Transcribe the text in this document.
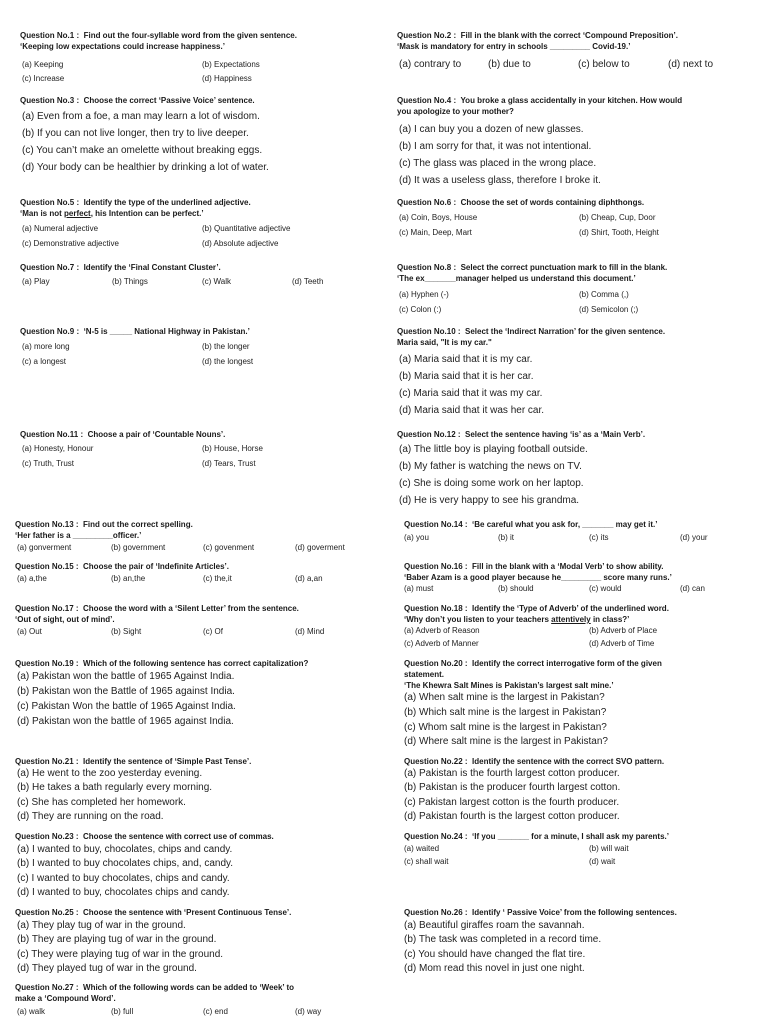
Question No.1 : Find out the four-syllable word from the given sentence.
‘Keeping low expectations could increase happiness.’
(a) Keeping	(b) Expectations
(c) Increase	(d) Happiness
Question No.2 : Fill in the blank with the correct ‘Compound Preposition’.
‘Mask is mandatory for entry in schools _________ Covid-19.’
(a) contrary to	(b) due to	(c) below to	(d) next to
Question No.3 : Choose the correct ‘Passive Voice’ sentence.
(a) Even from a foe, a man may learn a lot of wisdom.
(b) If you can not live longer, then try to live deeper.
(c) You can’t make an omelette without breaking eggs.
(d) Your body can be healthier by drinking a lot of water.
Question No.4 : You broke a glass accidentally in your kitchen. How would
you apologize to your mother?
(a) I can buy you a dozen of new glasses.
(b) I am sorry for that, it was not intentional.
(c) The glass was placed in the wrong place.
(d) It was a useless glass, therefore I broke it.
Question No.5 : Identify the type of the underlined adjective.
‘Man is not perfect, his Intention can be perfect.’
(a) Numeral adjective	(b) Quantitative adjective
(c) Demonstrative adjective	(d) Absolute adjective
Question No.6 : Choose the set of words containing diphthongs.
(a) Coin, Boys, House	(b) Cheap, Cup, Door
(c) Main, Deep, Mart	(d) Shirt, Tooth, Height
Question No.7 : Identify the ‘Final Constant Cluster’.
(a) Play	(b) Things	(c) Walk	(d) Teeth
Question No.8 : Select the correct punctuation mark to fill in the blank.
‘The ex_______manager helped us understand this document.’
(a) Hyphen (-)	(b) Comma (,)
(c) Colon (:)	(d) Semicolon (;)
Question No.9 : ‘N-5 is _____ National Highway in Pakistan.’
(a) more long	(b) the longer
(c) a longest	(d) the longest
Question No.10 : Select the ‘Indirect Narration’ for the given sentence.
Maria said, "It is my car."
(a) Maria said that it is my car.
(b) Maria said that it is her car.
(c) Maria said that it was my car.
(d) Maria said that it was her car.
Question No.11 : Choose a pair of ‘Countable Nouns’.
(a) Honesty, Honour	(b) House, Horse
(c) Truth, Trust	(d) Tears, Trust
Question No.12 : Select the sentence having ‘is’ as a ‘Main Verb’.
(a) The little boy is playing football outside.
(b) My father is watching the news on TV.
(c) She is doing some work on her laptop.
(d) He is very happy to see his grandma.
Question No.13 : Find out the correct spelling.
‘Her father is a _________officer.’
(a) gonverment	(b) government	(c) govenment	(d) goverment
Question No.14 : ‘Be careful what you ask for, _______ may get it.’
(a) you	(b) it	(c) its	(d) your
Question No.15 : Choose the pair of ‘Indefinite Articles’.
(a) a,the	(b) an,the	(c) the,it	(d) a,an
Question No.16 : Fill in the blank with a ‘Modal Verb’ to show ability.
‘Baber Azam is a good player because he_________ score many runs.’
(a) must	(b) should	(c) would	(d) can
Question No.17 : Choose the word with a ‘Silent Letter’ from the sentence.
‘Out of sight, out of mind’.
(a) Out	(b) Sight	(c) Of	(d) Mind
Question No.18 : Identify the ‘Type of Adverb’ of the underlined word.
‘Why don’t you listen to your teachers attentively in class?’
(a) Adverb of Reason	(b) Adverb of Place
(c) Adverb of Manner	(d) Adverb of Time
Question No.19 : Which of the following sentence has correct capitalization?
(a) Pakistan won the battle of 1965 Against India.
(b) Pakistan won the Battle of 1965 against India.
(c) Pakistan Won the battle of 1965 Against India.
(d) Pakistan won the battle of 1965 against India.
Question No.20 : Identify the correct interrogative form of the given
statement.
‘The Khewra Salt Mines is Pakistan’s largest salt mine.’
(a) When salt mine is the largest in Pakistan?
(b) Which salt mine is the largest in Pakistan?
(c) Whom salt mine is the largest in Pakistan?
(d) Where salt mine is the largest in Pakistan?
Question No.21 : Identify the sentence of ‘Simple Past Tense’.
(a) He went to the zoo yesterday evening.
(b) He takes a bath regularly every morning.
(c) She has completed her homework.
(d) They are running on the road.
Question No.22 : Identify the sentence with the correct SVO pattern.
(a) Pakistan is the fourth largest cotton producer.
(b) Pakistan is the producer fourth largest cotton.
(c) Pakistan largest cotton is the fourth producer.
(d) Pakistan fourth is the largest cotton producer.
Question No.23 : Choose the sentence with correct use of commas.
(a) I wanted to buy, chocolates, chips and candy.
(b) I wanted to buy chocolates chips, and, candy.
(c) I wanted to buy chocolates, chips and candy.
(d) I wanted to buy, chocolates chips and candy.
Question No.24 : ‘If you _______ for a minute, I shall ask my parents.’
(a) waited	(b) will wait
(c) shall wait	(d) wait
Question No.25 : Choose the sentence with ‘Present Continuous Tense’.
(a) They play tug of war in the ground.
(b) They are playing tug of war in the ground.
(c) They were playing tug of war in the ground.
(d) They played tug of war in the ground.
Question No.26 : Identify ‘ Passive Voice’ from the following sentences.
(a) Beautiful giraffes roam the savannah.
(b) The task was completed in a record time.
(c) You should have changed the flat tire.
(d) Mom read this novel in just one night.
Question No.27 : Which of the following words can be added to ‘Week’ to
make a ‘Compound Word’.
(a) walk	(b) full	(c) end	(d) way
